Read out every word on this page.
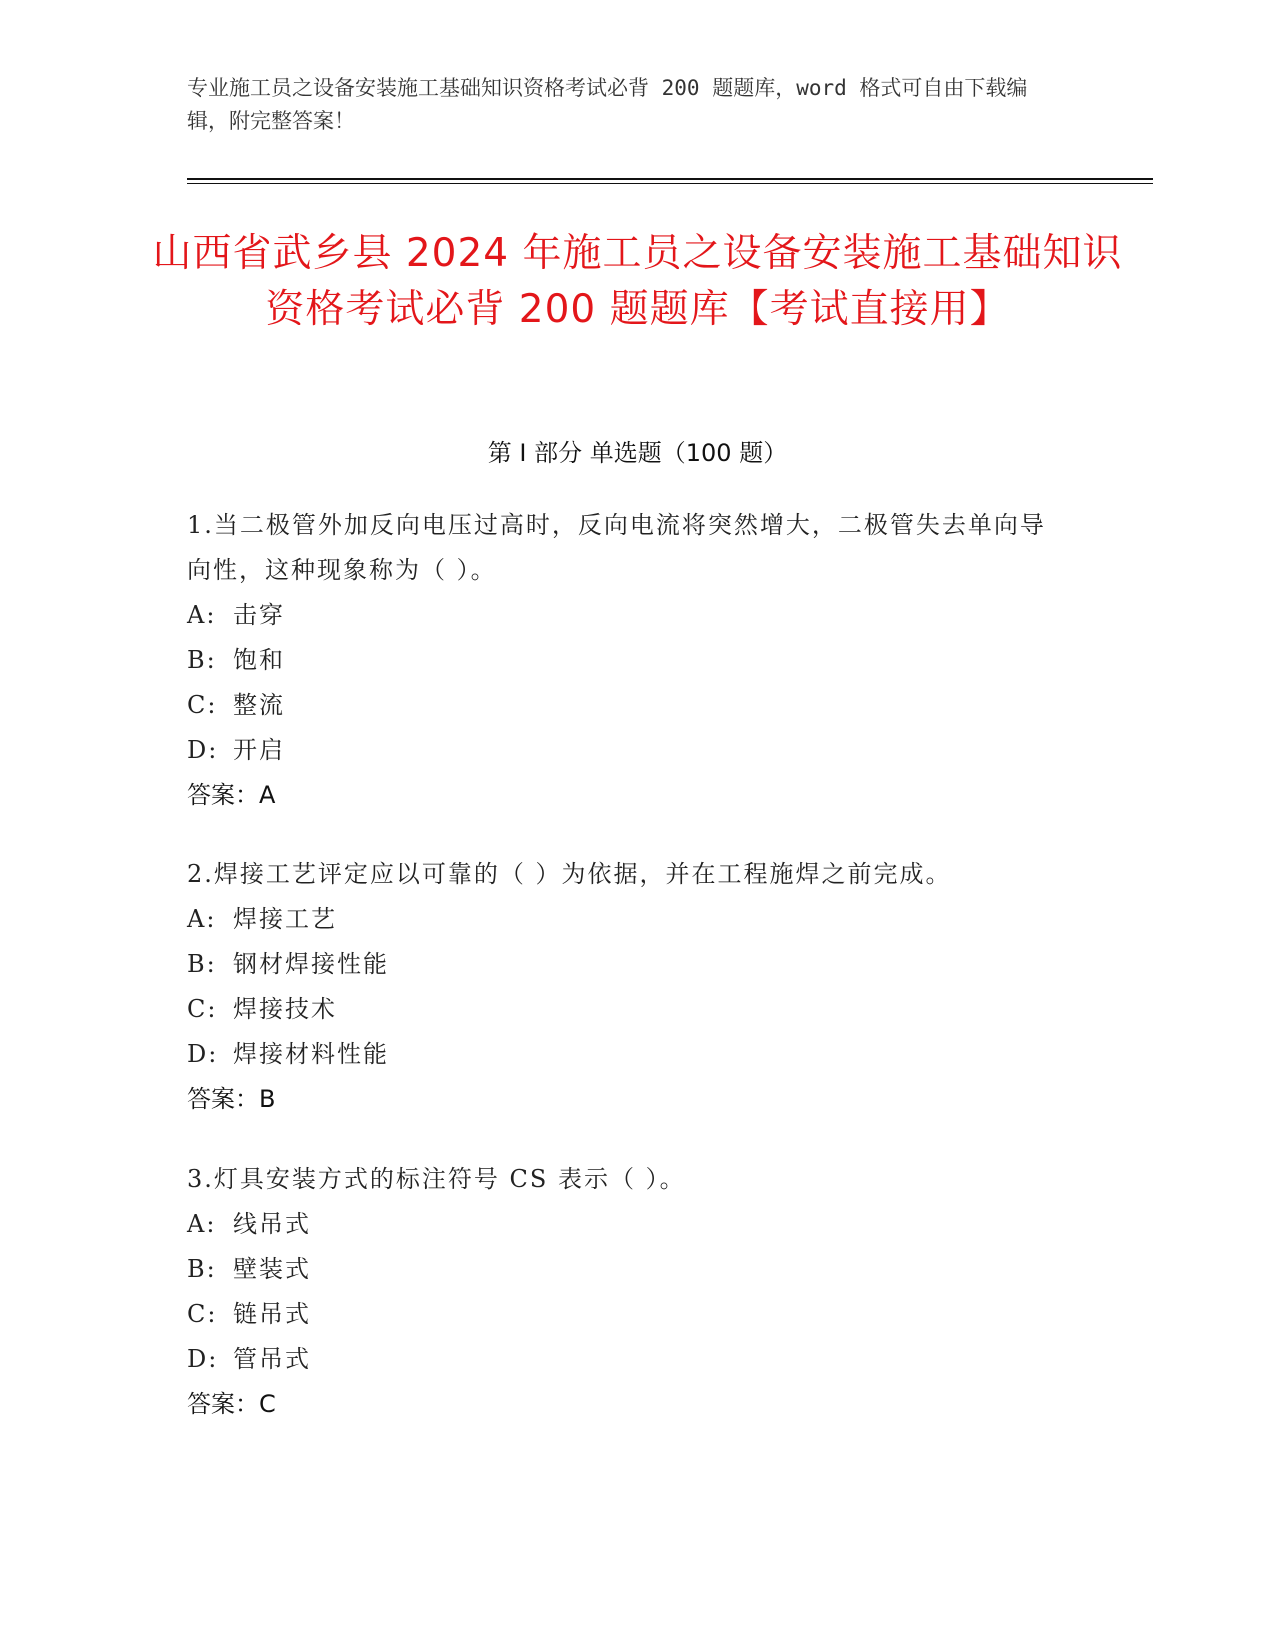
专业施工员之设备安装施工基础知识资格考试必背 200 题题库，word 格式可自由下载编辑，附完整答案！
山西省武乡县 2024 年施工员之设备安装施工基础知识资格考试必背 200 题题库【考试直接用】
第 I 部分 单选题（100 题）
1.当二极管外加反向电压过高时，反向电流将突然增大，二极管失去单向导向性，这种现象称为（ ）。
A: 击穿
B: 饱和
C: 整流
D: 开启
答案：A
2.焊接工艺评定应以可靠的（ ）为依据，并在工程施焊之前完成。
A: 焊接工艺
B: 钢材焊接性能
C: 焊接技术
D: 焊接材料性能
答案：B
3.灯具安装方式的标注符号 CS 表示（ ）。
A: 线吊式
B: 壁装式
C: 链吊式
D: 管吊式
答案：C
